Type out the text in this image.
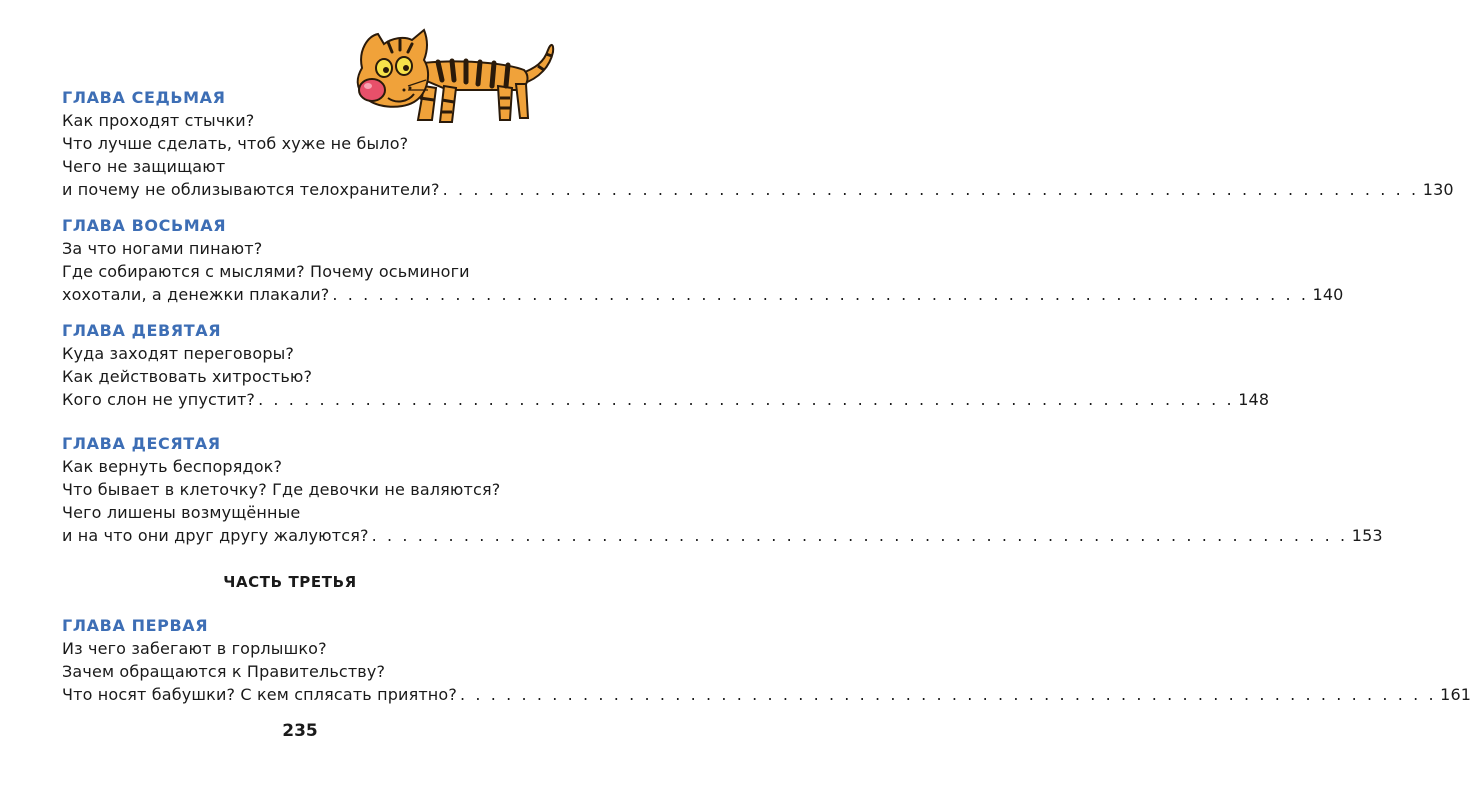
ГЛАВА СЕДЬМАЯ
Как проходят стычки?
Что лучше сделать, чтоб хуже не было?
Чего не защищают
и почему не облизываются телохранители? . . . . . . . . . . . . . . . . . . . . . . . . . . . . . . . . . . . . . . . . . . . . . . . . . . . . . . . . . . . . . . . . 130
ГЛАВА ВОСЬМАЯ
За что ногами пинают?
Где собираются с мыслями? Почему осьминоги
хохотали, а денежки плакали? . . . . . . . . . . . . . . . . . . . . . . . . . . . . . . . . . . . . . . . . . . . . . . . . . . . . . . . . . . . . . . . . 140
ГЛАВА ДЕВЯТАЯ
Куда заходят переговоры?
Как действовать хитростью?
Кого слон не упустит? . . . . . . . . . . . . . . . . . . . . . . . . . . . . . . . . . . . . . . . . . . . . . . . . . . . . . . . . . . . . . . . . 148
ГЛАВА ДЕСЯТАЯ
Как вернуть беспорядок?
Что бывает в клеточку? Где девочки не валяются?
Чего лишены возмущённые
и на что они друг другу жалуются? . . . . . . . . . . . . . . . . . . . . . . . . . . . . . . . . . . . . . . . . . . . . . . . . . . . . . . . . . . . . . . . . 153
ЧАСТЬ ТРЕТЬЯ
ГЛАВА ПЕРВАЯ
Из чего забегают в горлышко?
Зачем обращаются к Правительству?
Что носят бабушки? С кем сплясать приятно? . . . . . . . . . . . . . . . . . . . . . . . . . . . . . . . . . . . . . . . . . . . . . . . . . . . . . . . . . . . . . . . . 161
235
